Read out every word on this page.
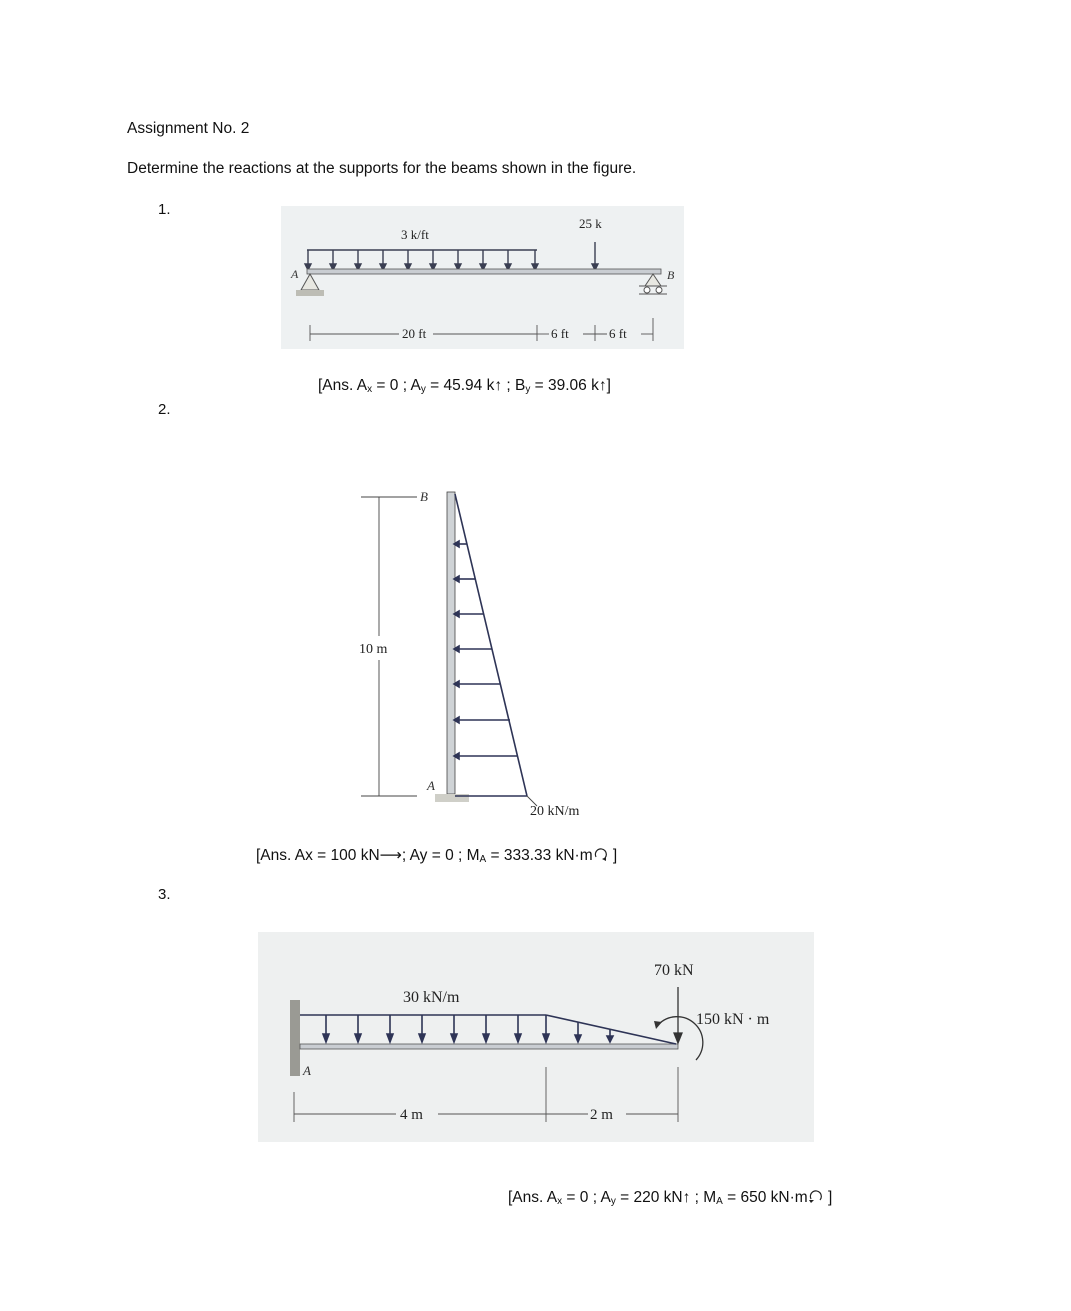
Assignment No. 2
Determine the reactions at the supports for the beams shown in the figure.
1.
3 k/ft
25 k
A	B
20 ft	6 ft	6 ft
[Ans. $A_x = 0$ ; $A_y = 45.94$ k↑ ; $B_y = 39.06$ k↑]
2.
B
A
10 m
20 kN/m
[Ans. Ax = 100 kN⟶; Ay = 0 ; $M_A = 333.33$ kN·m ]
3.
70 kN
30 kN/m
150 kN · m
A
4 m	2 m
[Ans. $A_x = 0$ ; $A_y = 220$ kN↑ ; $M_A = 650$ kN·m ]
